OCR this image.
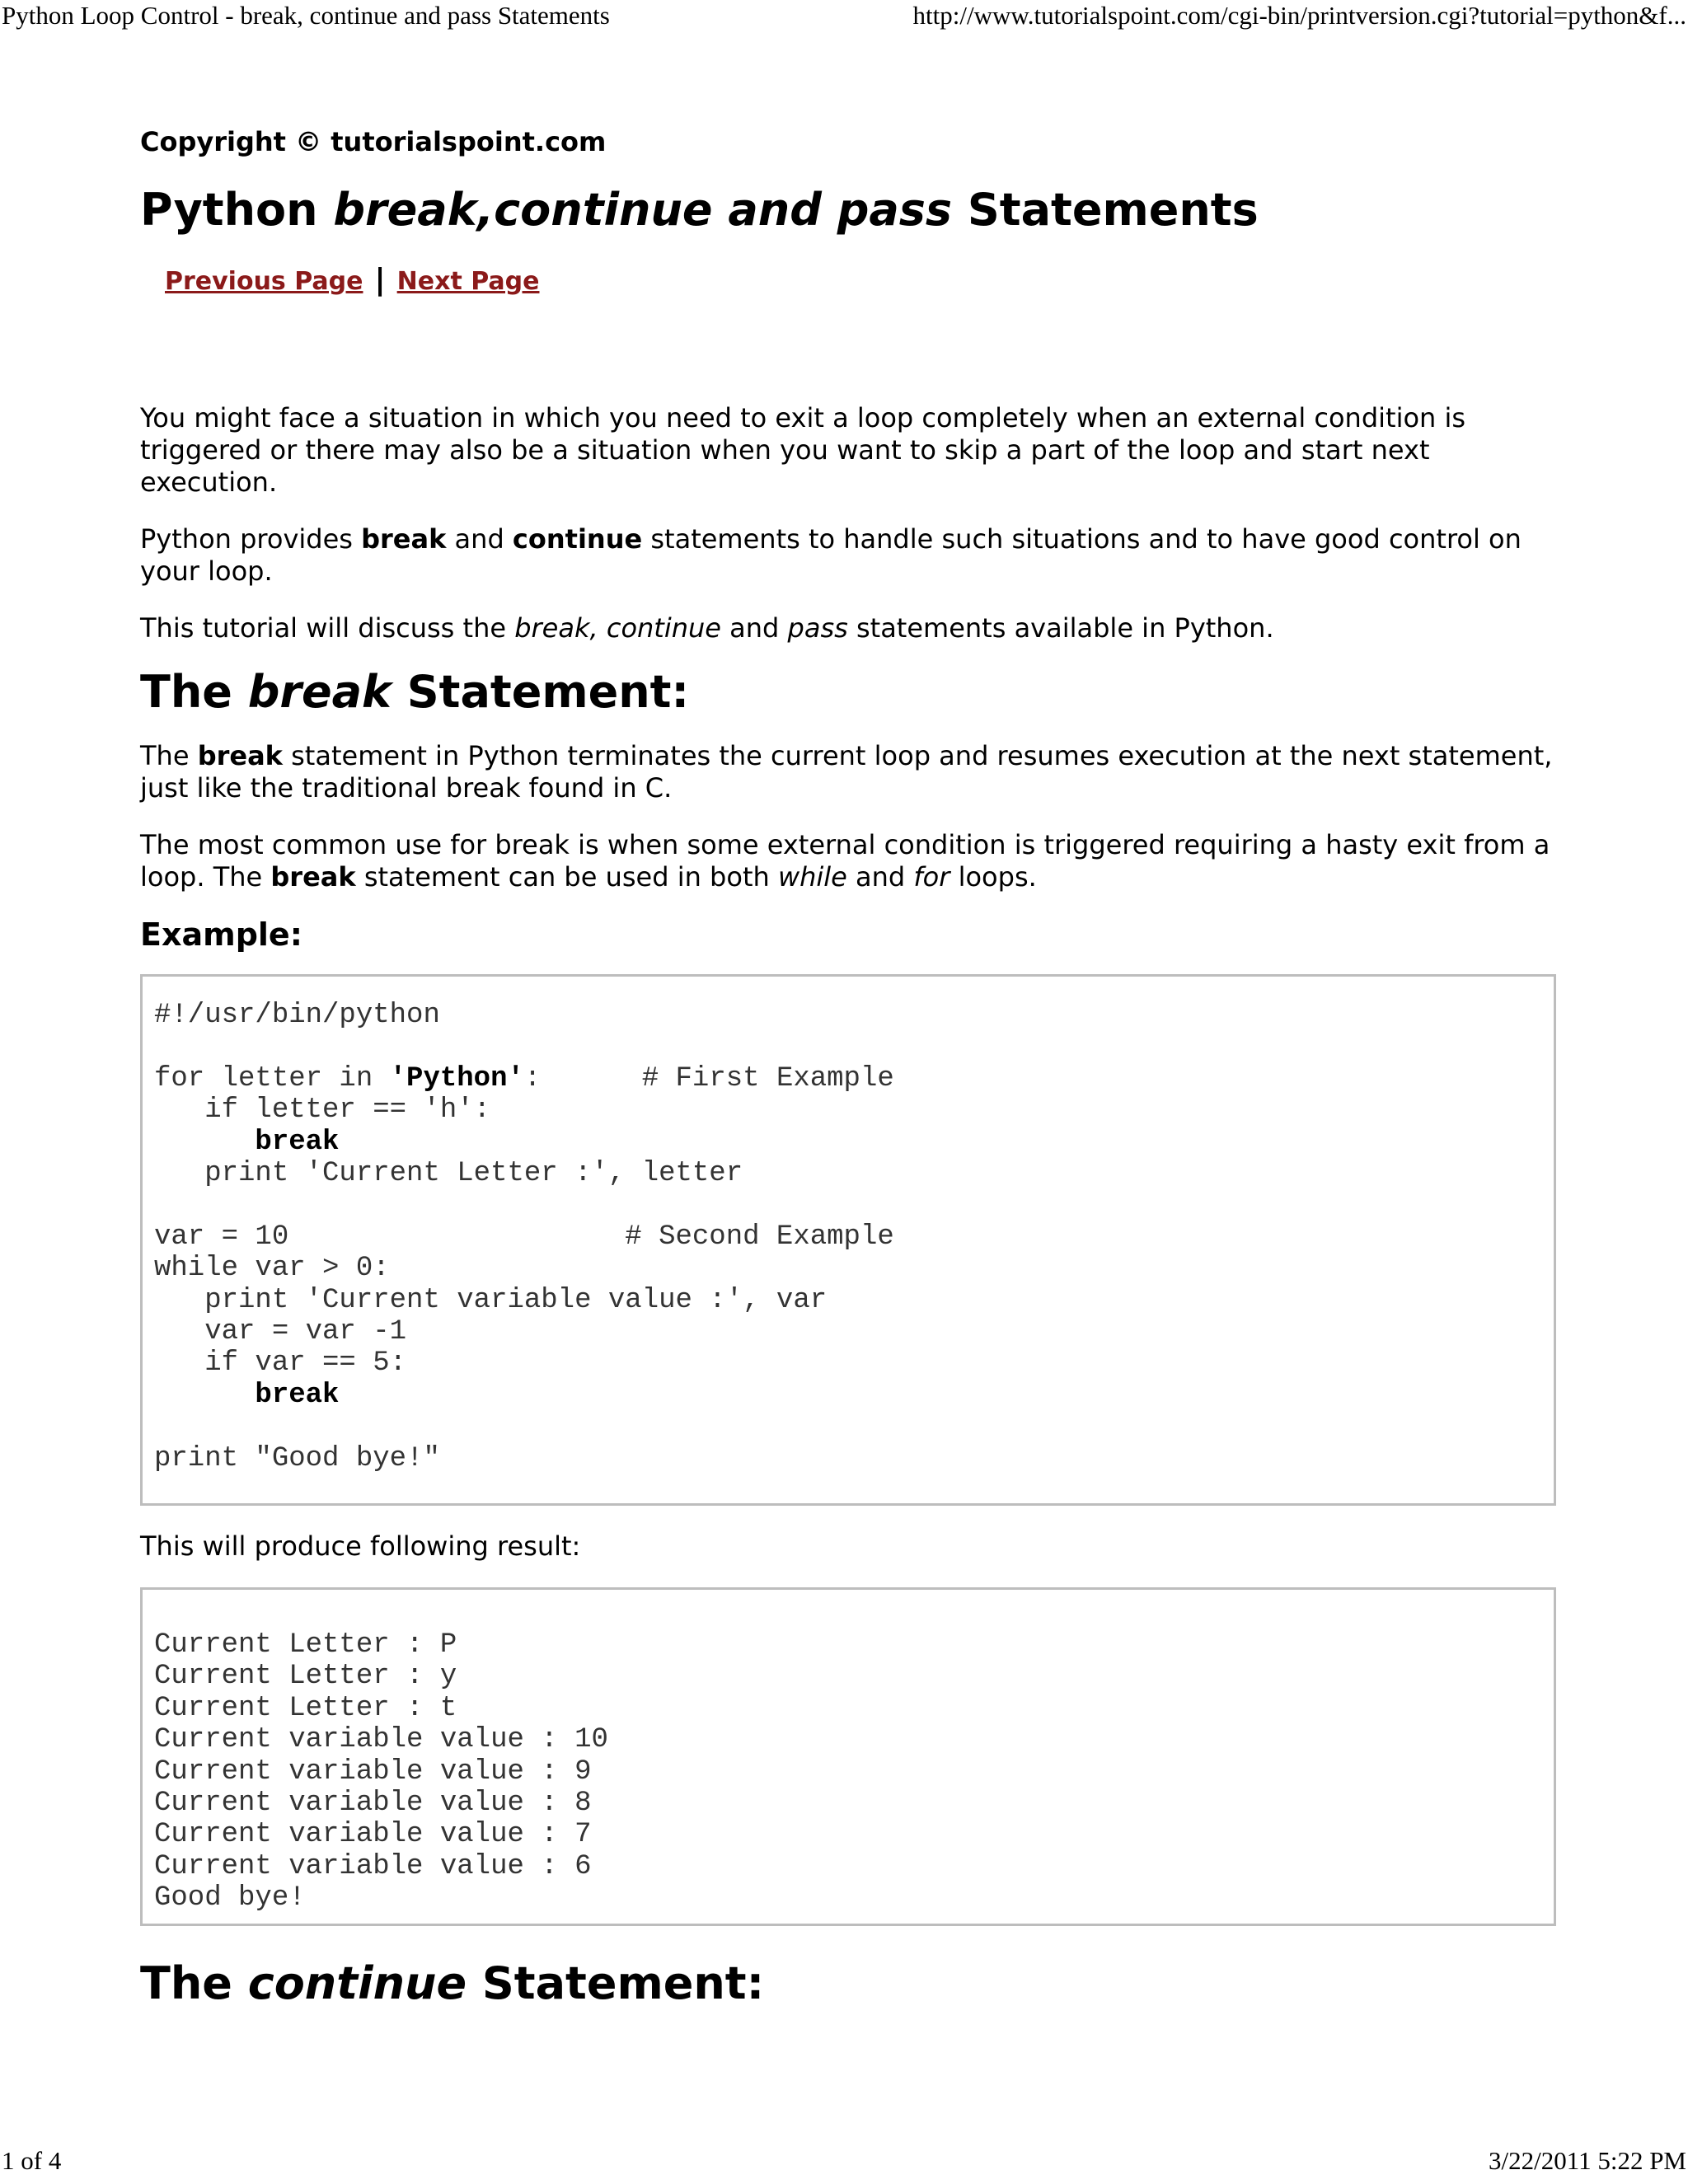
Python Loop Control - break, continue and pass Statements	http://www.tutorialspoint.com/cgi-bin/printversion.cgi?tutorial=python&f...

Copyright © tutorialspoint.com

Python break,continue and pass Statements
Previous Page | Next Page

You might face a situation in which you need to exit a loop completely when an external condition is triggered or there may also be a situation when you want to skip a part of the loop and start next execution.

Python provides break and continue statements to handle such situations and to have good control on your loop.

This tutorial will discuss the break, continue and pass statements available in Python.

The break Statement:

The break statement in Python terminates the current loop and resumes execution at the next statement, just like the traditional break found in C.

The most common use for break is when some external condition is triggered requiring a hasty exit from a loop. The break statement can be used in both while and for loops.

Example:
#!/usr/bin/python

for letter in 'Python':      # First Example
if letter == 'h':
break
print 'Current Letter :', letter

var = 10                    # Second Example
while var > 0:
print 'Current variable value :', var
var = var -1
if var == 5:
break

print "Good bye!"

This will produce following result:

Current Letter : P
Current Letter : y
Current Letter : t
Current variable value : 10
Current variable value : 9
Current variable value : 8
Current variable value : 7
Current variable value : 6
Good bye!
The continue Statement:
1 of 4	3/22/2011 5:22 PM
